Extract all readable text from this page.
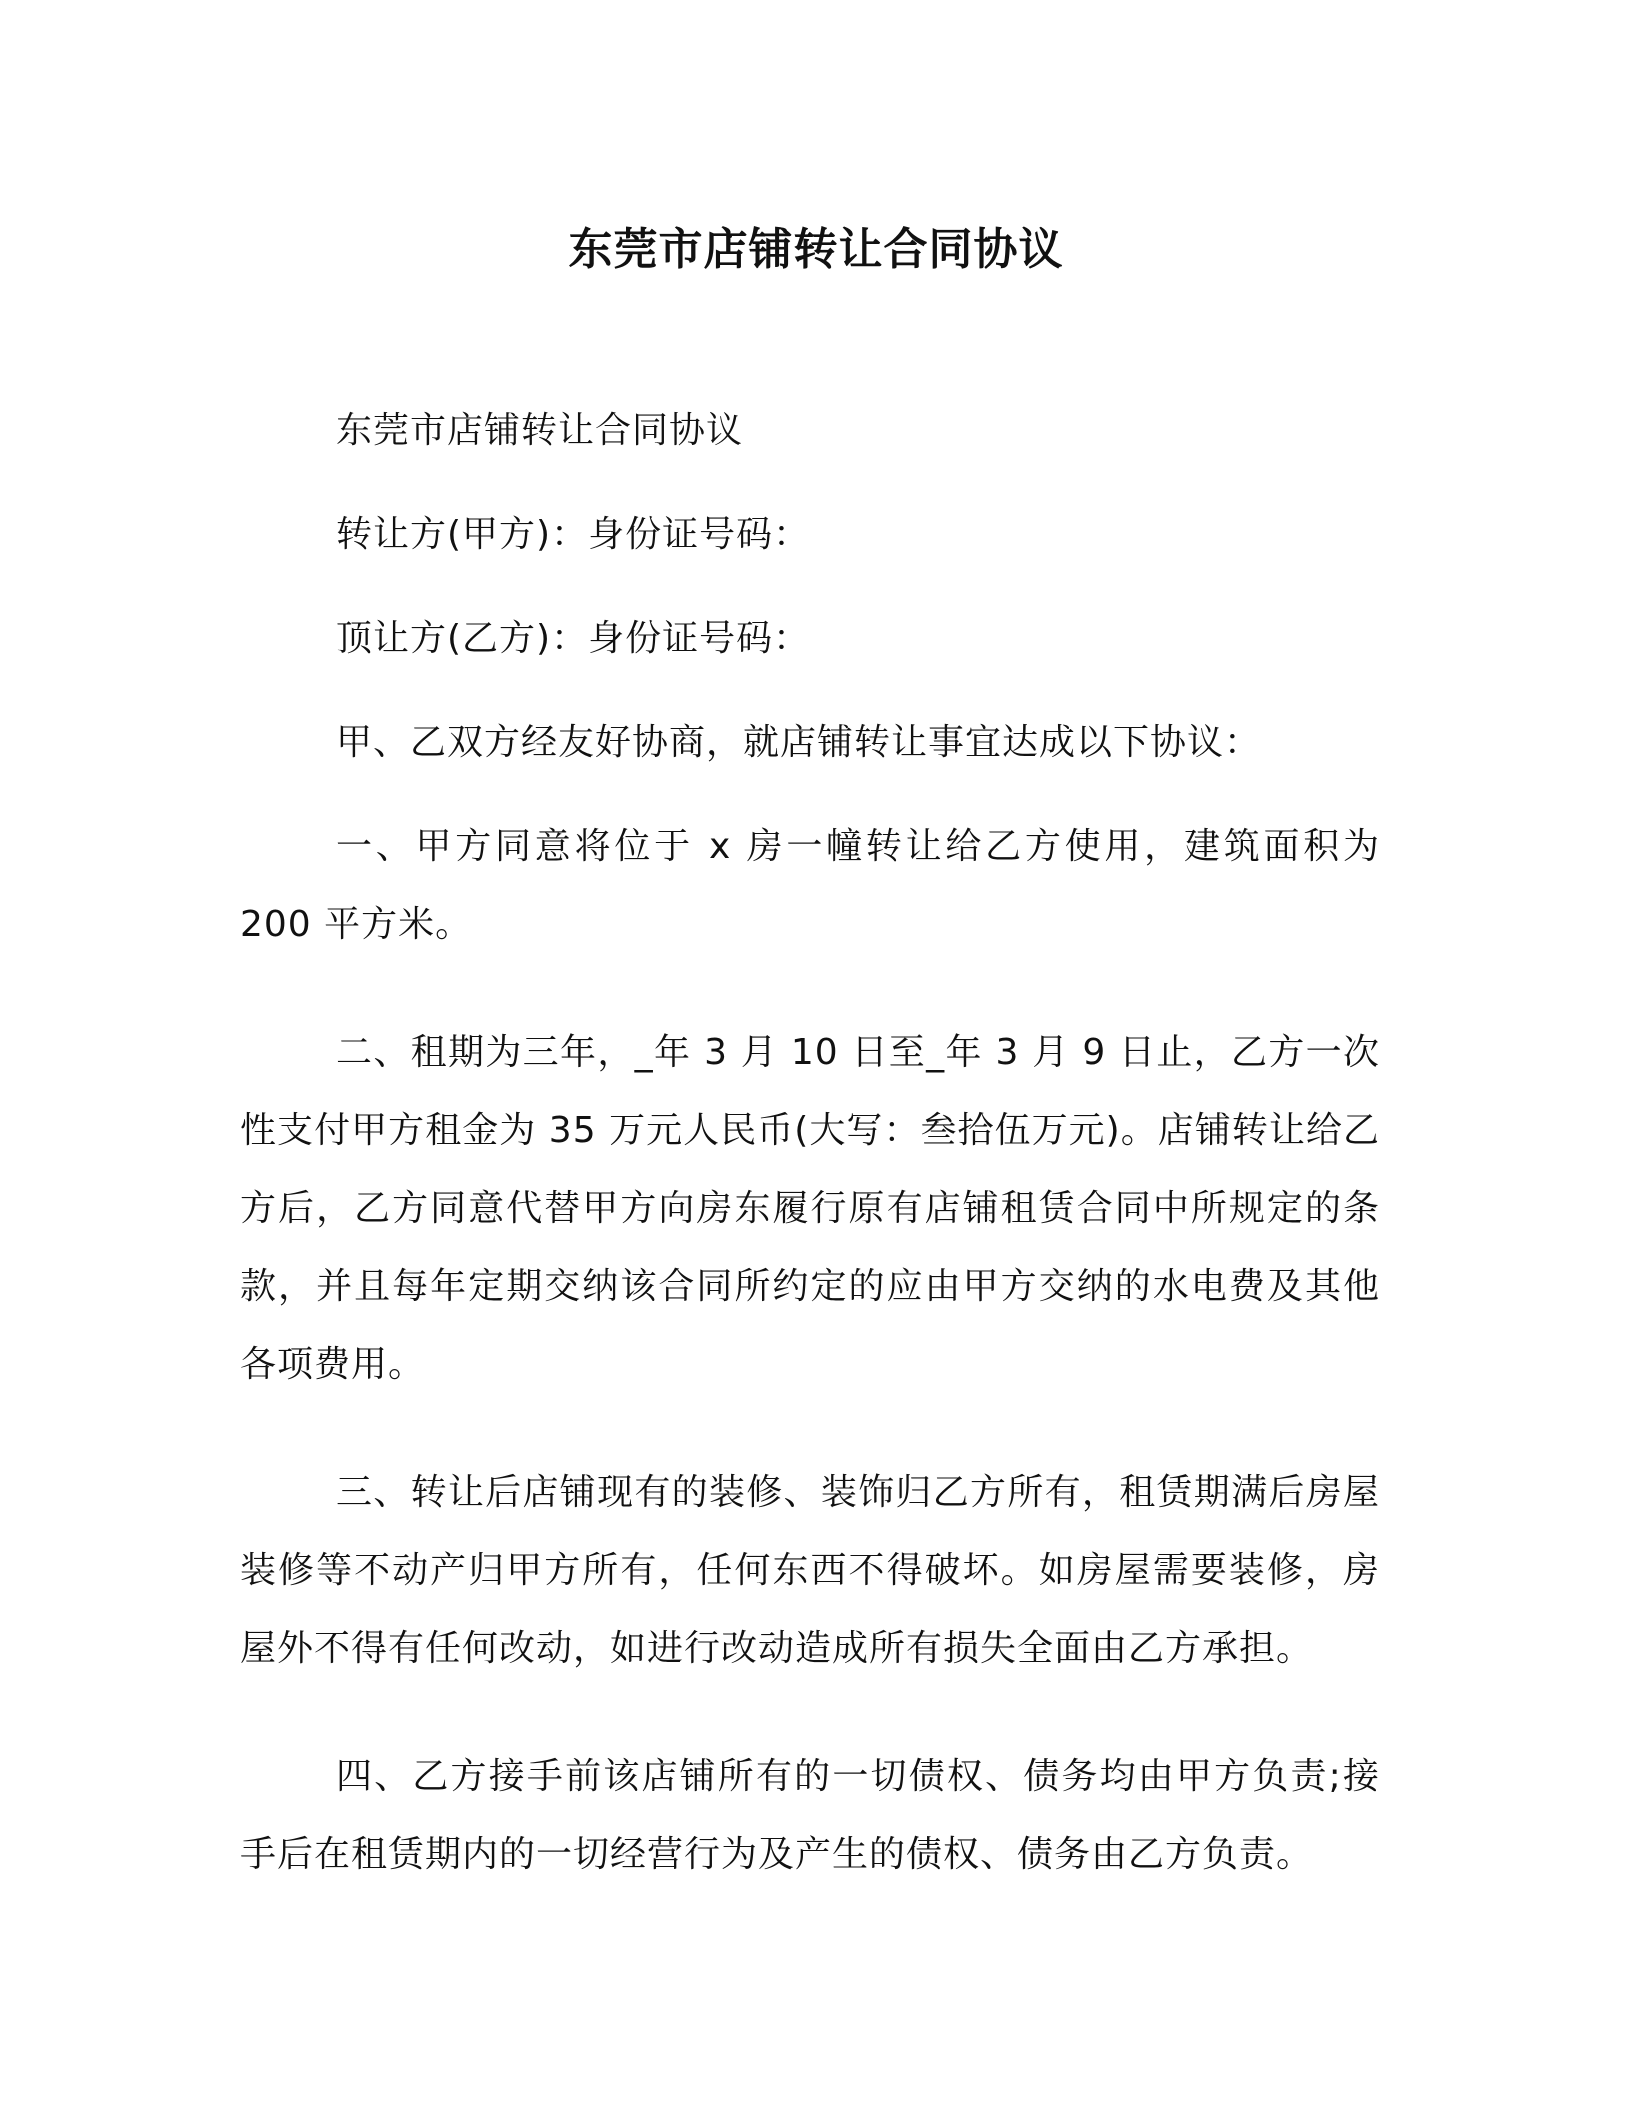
东莞市店铺转让合同协议

东莞市店铺转让合同协议

转让方(甲方)：身份证号码：

顶让方(乙方)：身份证号码：

甲、乙双方经友好协商，就店铺转让事宜达成以下协议：

一、甲方同意将位于 x 房一幢转让给乙方使用，建筑面积为 200 平方米。

二、租期为三年，_年 3 月 10 日至_年 3 月 9 日止，乙方一次性支付甲方租金为 35 万元人民币(大写：叁拾伍万元)。店铺转让给乙方后，乙方同意代替甲方向房东履行原有店铺租赁合同中所规定的条款，并且每年定期交纳该合同所约定的应由甲方交纳的水电费及其他各项费用。

三、转让后店铺现有的装修、装饰归乙方所有，租赁期满后房屋装修等不动产归甲方所有，任何东西不得破坏。如房屋需要装修，房屋外不得有任何改动，如进行改动造成所有损失全面由乙方承担。

四、乙方接手前该店铺所有的一切债权、债务均由甲方负责;接手后在租赁期内的一切经营行为及产生的债权、债务由乙方负责。
